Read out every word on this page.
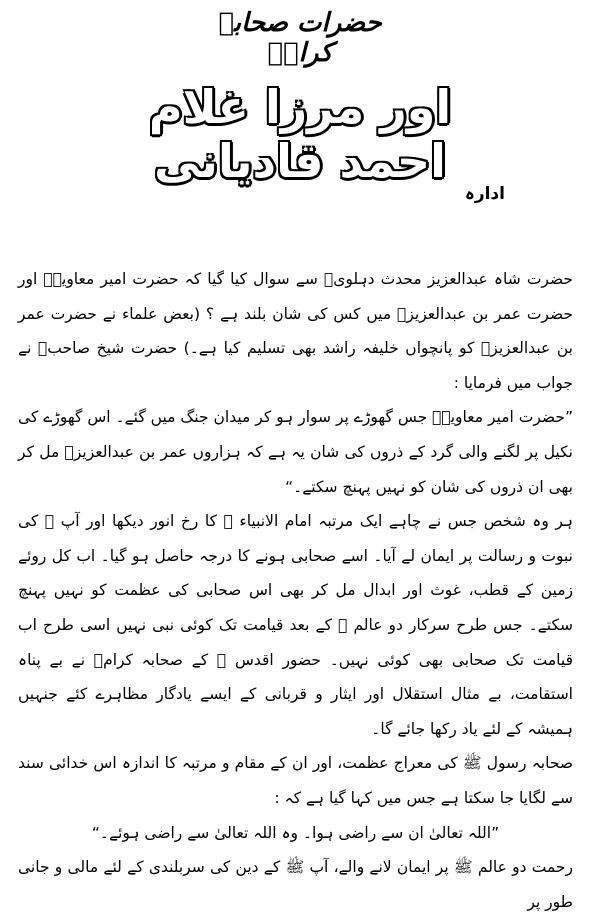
حضرات صحابہ کرامؓ
اور مرزا غلام احمد قادیانی
ادارہ

حضرت شاہ عبدالعزیز محدث دہلویؒ سے سوال کیا گیا کہ حضرت امیر معاویہؓ اور حضرت عمر بن عبدالعزیزؒ میں کس کی شان بلند ہے ؟ (بعض علماء نے حضرت عمر بن عبدالعزیزؒ کو پانچواں خلیفہ راشد بھی تسلیم کیا ہے۔) حضرت شیخ صاحبؒ نے جواب میں فرمایا :

”حضرت امیر معاویہؓ جس گھوڑے پر سوار ہو کر میدان جنگ میں گئے۔ اس گھوڑے کی نکیل پر لگنے والی گرد کے ذروں کی شان یہ ہے کہ ہزاروں عمر بن عبدالعزیزؒ مل کر بھی ان ذروں کی شان کو نہیں پہنچ سکتے۔“

ہر وہ شخص جس نے چاہے ایک مرتبہ امام الانبیاء ﷺ کا رخ انور دیکھا اور آپ ﷺ کی نبوت و رسالت پر ایمان لے آیا۔ اسے صحابی ہونے کا درجہ حاصل ہو گیا۔ اب کل روئے زمین کے قطب، غوث اور ابدال مل کر بھی اس صحابی کی عظمت کو نہیں پہنچ سکتے۔ جس طرح سرکار دو عالم ﷺ کے بعد قیامت تک کوئی نبی نہیں اسی طرح اب قیامت تک صحابی بھی کوئی نہیں۔ حضور اقدس ﷺ کے صحابہ کرامؓ نے بے پناہ استقامت، بے مثال استقلال اور ایثار و قربانی کے ایسے یادگار مظاہرے کئے جنہیں ہمیشہ کے لئے یاد رکھا جائے گا۔

صحابہ رسول ﷺ کی معراج عظمت، اور ان کے مقام و مرتبہ کا اندازہ اس خدائی سند سے لگایا جا سکتا ہے جس میں کہا گیا ہے کہ :

”اللہ تعالیٰ ان سے راضی ہوا۔ وہ اللہ تعالیٰ سے راضی ہوئے۔“

رحمت دو عالم ﷺ پر ایمان لانے والے، آپ ﷺ کے دین کی سربلندی کے لئے مالی و جانی طور پر
